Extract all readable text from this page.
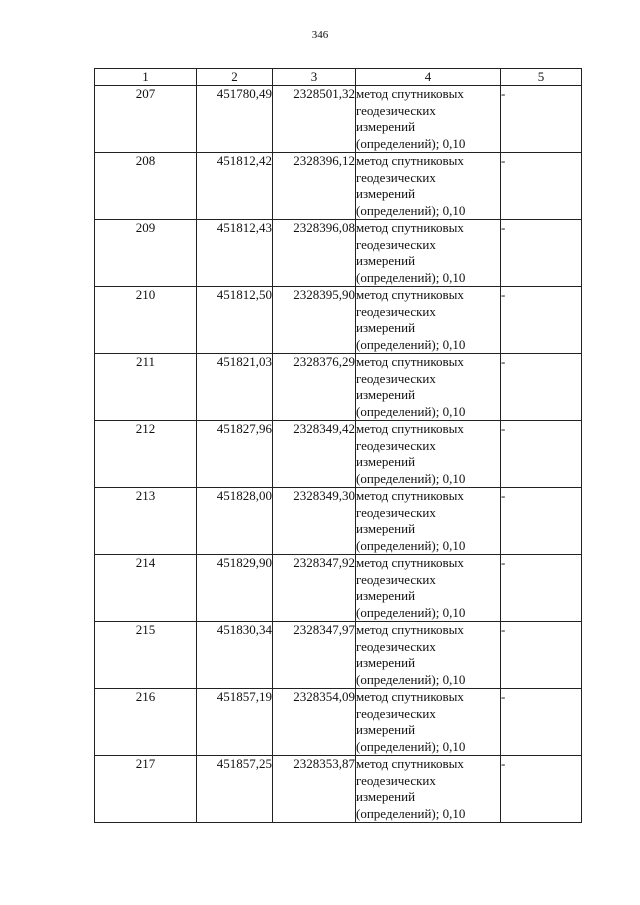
346
1	2	3	4	5
207	451780,49	2328501,32	метод спутниковых
геодезических
измерений
(определений); 0,10	-
208	451812,42	2328396,12	метод спутниковых
геодезических
измерений
(определений); 0,10	-
209	451812,43	2328396,08	метод спутниковых
геодезических
измерений
(определений); 0,10	-
210	451812,50	2328395,90	метод спутниковых
геодезических
измерений
(определений); 0,10	-
211	451821,03	2328376,29	метод спутниковых
геодезических
измерений
(определений); 0,10	-
212	451827,96	2328349,42	метод спутниковых
геодезических
измерений
(определений); 0,10	-
213	451828,00	2328349,30	метод спутниковых
геодезических
измерений
(определений); 0,10	-
214	451829,90	2328347,92	метод спутниковых
геодезических
измерений
(определений); 0,10	-
215	451830,34	2328347,97	метод спутниковых
геодезических
измерений
(определений); 0,10	-
216	451857,19	2328354,09	метод спутниковых
геодезических
измерений
(определений); 0,10	-
217	451857,25	2328353,87	метод спутниковых
геодезических
измерений
(определений); 0,10	-
